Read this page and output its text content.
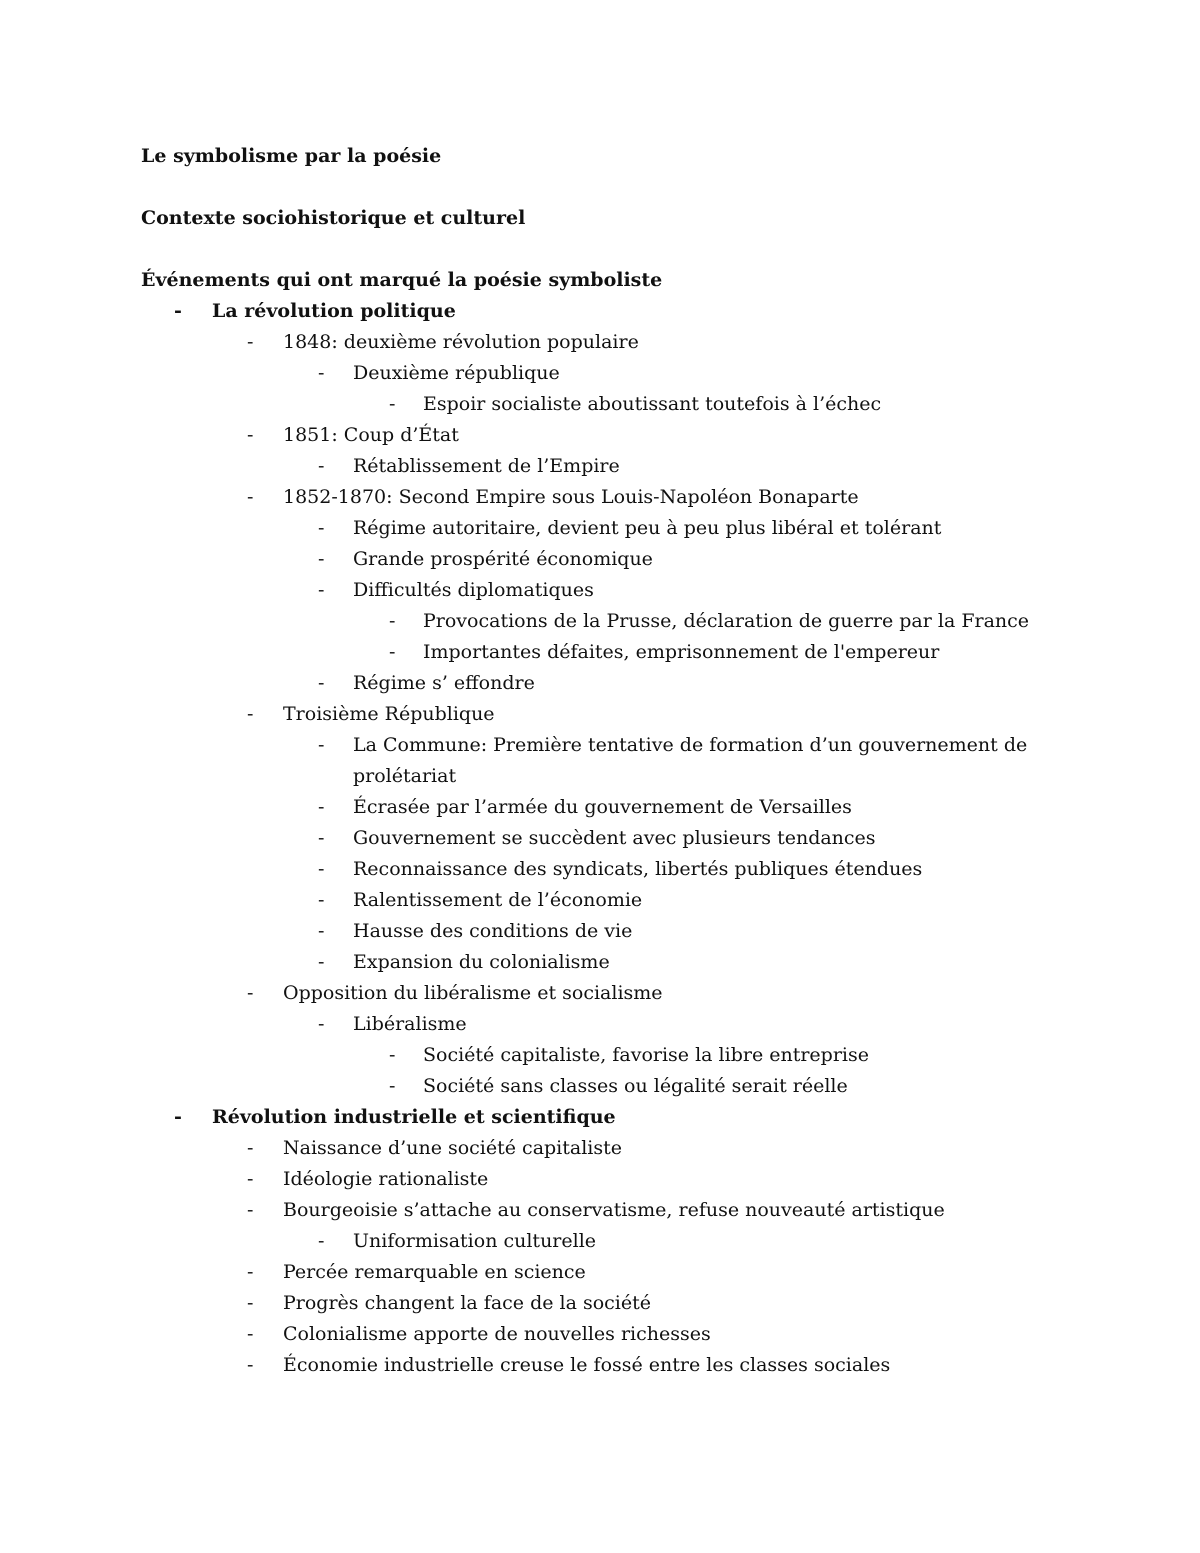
Le symbolisme par la poésie
Contexte sociohistorique et culturel
Événements qui ont marqué la poésie symboliste
- La révolution politique
- 1848: deuxième révolution populaire
- Deuxième république
- Espoir socialiste aboutissant toutefois à l’échec
- 1851: Coup d’État
- Rétablissement de l’Empire
- 1852-1870: Second Empire sous Louis-Napoléon Bonaparte
- Régime autoritaire, devient peu à peu plus libéral et tolérant
- Grande prospérité économique
- Difficultés diplomatiques
- Provocations de la Prusse, déclaration de guerre par la France
- Importantes défaites, emprisonnement de l'empereur
- Régime s’ effondre
- Troisième République
- La Commune: Première tentative de formation d’un gouvernement de prolétariat
- Écrasée par l’armée du gouvernement de Versailles
- Gouvernement se succèdent avec plusieurs tendances
- Reconnaissance des syndicats, libertés publiques étendues
- Ralentissement de l’économie
- Hausse des conditions de vie
- Expansion du colonialisme
- Opposition du libéralisme et socialisme
- Libéralisme
- Société capitaliste, favorise la libre entreprise
- Société sans classes ou légalité serait réelle
- Révolution industrielle et scientifique
- Naissance d’une société capitaliste
- Idéologie rationaliste
- Bourgeoisie s’attache au conservatisme, refuse nouveauté artistique
- Uniformisation culturelle
- Percée remarquable en science
- Progrès changent la face de la société
- Colonialisme apporte de nouvelles richesses
- Économie industrielle creuse le fossé entre les classes sociales
